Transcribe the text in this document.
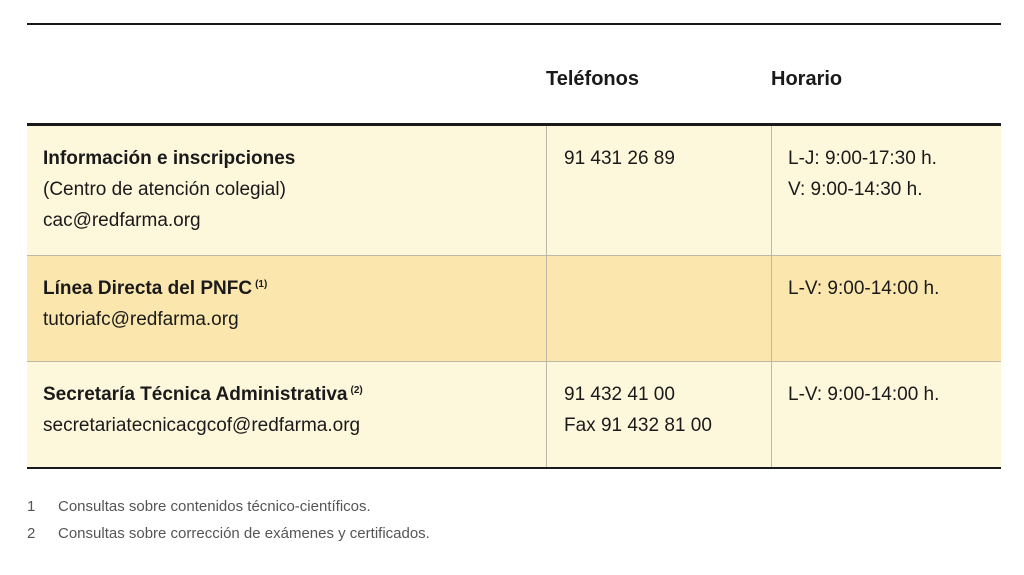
Teléfonos	Horario
Información e inscripciones
(Centro de atención colegial)
cac@redfarma.org
91 431 26 89	L-J: 9:00-17:30 h.
V: 9:00-14:30 h.
Línea Directa del PNFC $^{(1)}$
tutoriafc@redfarma.org
L-V: 9:00-14:00 h.
Secretaría Técnica Administrativa $^{(2)}$
secretariatecnicacgcof@redfarma.org
91 432 41 00
Fax 91 432 81 00
L-V: 9:00-14:00 h.
1 Consultas sobre contenidos técnico-científicos.
2 Consultas sobre corrección de exámenes y certificados.
